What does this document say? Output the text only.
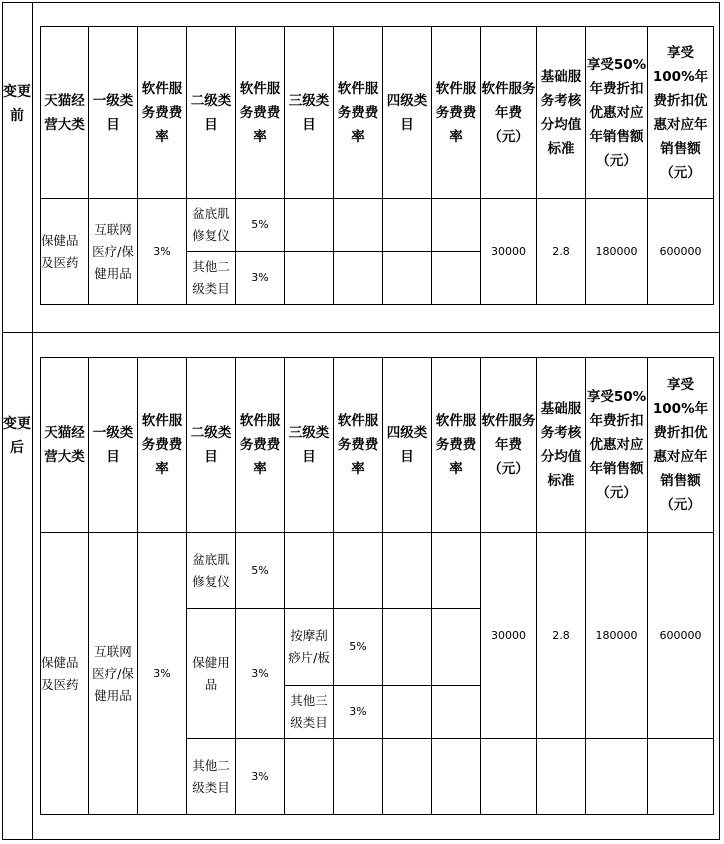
变更前
变更后
天猫经营大类	一级类目	软件服务费费率	二级类目	软件服务费费率	三级类目	软件服务费费率	四级类目	软件服务费费率	软件服务年费（元）	基础服务考核分均值标准	享受50%年费折扣优惠对应年销售额（元）	享受100%年费折扣优惠对应年销售额（元）
保健品及医药	互联网医疗/保健用品	3%	盆底肌修复仪	5%					30000	2.8	180000	600000
			其他二级类目	3%								
天猫经营大类	一级类目	软件服务费费率	二级类目	软件服务费费率	三级类目	软件服务费费率	四级类目	软件服务费费率	软件服务年费（元）	基础服务考核分均值标准	享受50%年费折扣优惠对应年销售额（元）	享受100%年费折扣优惠对应年销售额（元）
保健品及医药	互联网医疗/保健用品	3%	盆底肌修复仪	5%					30000	2.8	180000	600000
			保健用品	3%	按摩刮痧片/板	5%						
					其他三级类目	3%						
			其他二级类目	3%								
